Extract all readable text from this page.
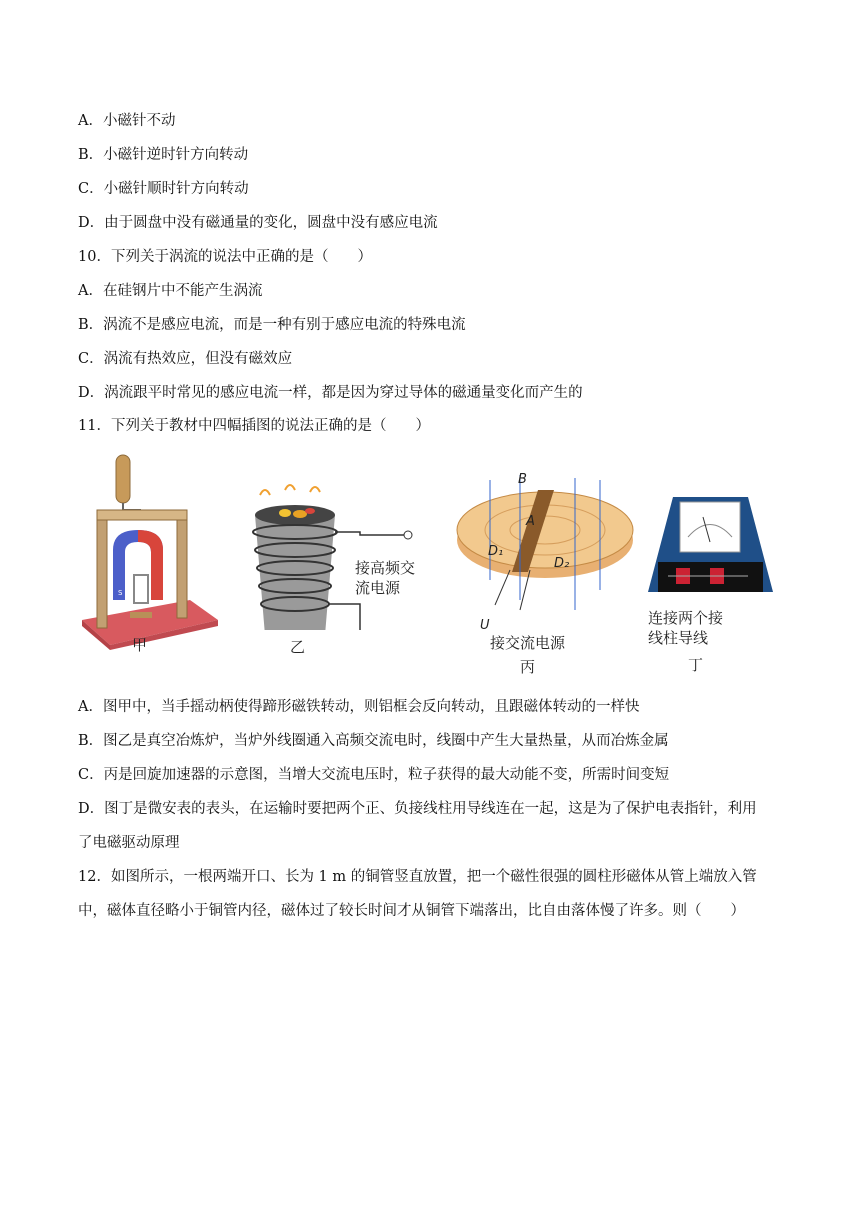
A．小磁针不动
B．小磁针逆时针方向转动
C．小磁针顺时针方向转动
D．由于圆盘中没有磁通量的变化，圆盘中没有感应电流
10．下列关于涡流的说法中正确的是（　　）
A．在硅钢片中不能产生涡流
B．涡流不是感应电流，而是一种有别于感应电流的特殊电流
C．涡流有热效应，但没有磁效应
D．涡流跟平时常见的感应电流一样，都是因为穿过导体的磁通量变化而产生的
11．下列关于教材中四幅插图的说法正确的是（　　）
S
甲
接高频交
流电源
乙
B
A
D₁
D₂
U
接交流电源
丙
连接两个接
线柱导线
丁
A．图甲中，当手摇动柄使得蹄形磁铁转动，则铝框会反向转动，且跟磁体转动的一样快
B．图乙是真空冶炼炉，当炉外线圈通入高频交流电时，线圈中产生大量热量，从而冶炼金属
C．丙是回旋加速器的示意图，当增大交流电压时，粒子获得的最大动能不变，所需时间变短
D．图丁是微安表的表头，在运输时要把两个正、负接线柱用导线连在一起，这是为了保护电表指针，利用
了电磁驱动原理
12．如图所示，一根两端开口、长为 1 m 的铜管竖直放置，把一个磁性很强的圆柱形磁体从管上端放入管
中，磁体直径略小于铜管内径，磁体过了较长时间才从铜管下端落出，比自由落体慢了许多。则（　　）
